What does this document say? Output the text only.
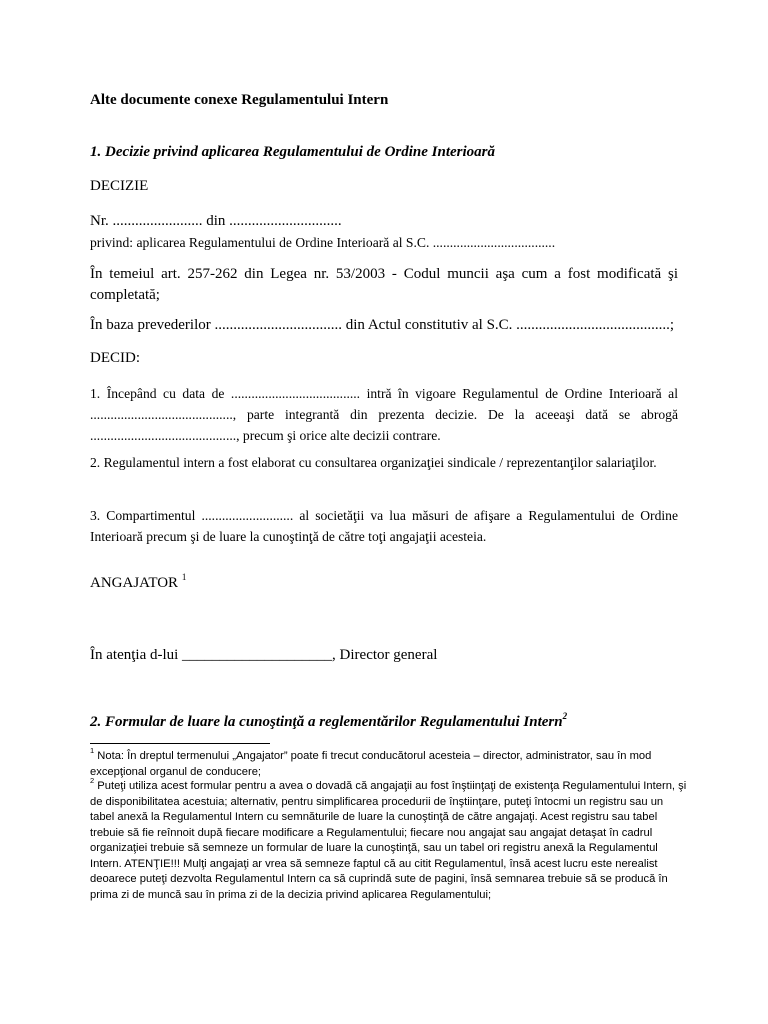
Alte documente conexe Regulamentului Intern

1. Decizie privind aplicarea Regulamentului de Ordine Interioară

DECIZIE

Nr. ........................ din ..............................
privind: aplicarea Regulamentului de Ordine Interioară al S.C. ....................................

În temeiul art. 257-262 din Legea nr. 53/2003 - Codul muncii aşa cum a fost modificată şi completată;

În baza prevederilor .................................. din Actul constitutiv al S.C. .........................................;

DECID:

1. Începând cu data de ...................................... intră în vigoare Regulamentul de Ordine Interioară al .........................................., parte integrantă din prezenta decizie. De la aceeaşi dată se abrogă ..........................................., precum şi orice alte decizii contrare.

2. Regulamentul intern a fost elaborat cu consultarea organizaţiei sindicale / reprezentanţilor salariaţilor.

3. Compartimentul ........................... al societăţii va lua măsuri de afişare a Regulamentului de Ordine Interioară precum şi de luare la cunoştinţă de către toţi angajaţii acesteia.

ANGAJATOR $^1$

În atenţia d-lui ____________________, Director general

2. Formular de luare la cunoştinţă a reglementărilor Regulamentului Intern$^2$

$^1$ Nota: În dreptul termenului „Angajator” poate fi trecut conducătorul acesteia – director, administrator, sau în mod excepţional organul de conducere;

$^2$ Puteţi utiliza acest formular pentru a avea o dovadă că angajaţii au fost înştiinţaţi de existenţa Regulamentului Intern, şi de disponibilitatea acestuia; alternativ, pentru simplificarea procedurii de înştiinţare, puteţi întocmi un registru sau un tabel anexă la Regulamentul Intern cu semnăturile de luare la cunoştinţă de către angajaţi. Acest registru sau tabel trebuie să fie reînnoit după fiecare modificare a Regulamentului; fiecare nou angajat sau angajat detaşat în cadrul organizaţiei trebuie să semneze un formular de luare la cunoştinţă, sau un tabel ori registru anexă la Regulamentul Intern. ATENŢIE!!! Mulţi angajaţi ar vrea să semneze faptul că au citit Regulamentul, însă acest lucru este nerealist deoarece puteţi dezvolta Regulamentul Intern ca să cuprindă sute de pagini, însă semnarea trebuie să se producă în prima zi de muncă sau în prima zi de la decizia privind aplicarea Regulamentului;
